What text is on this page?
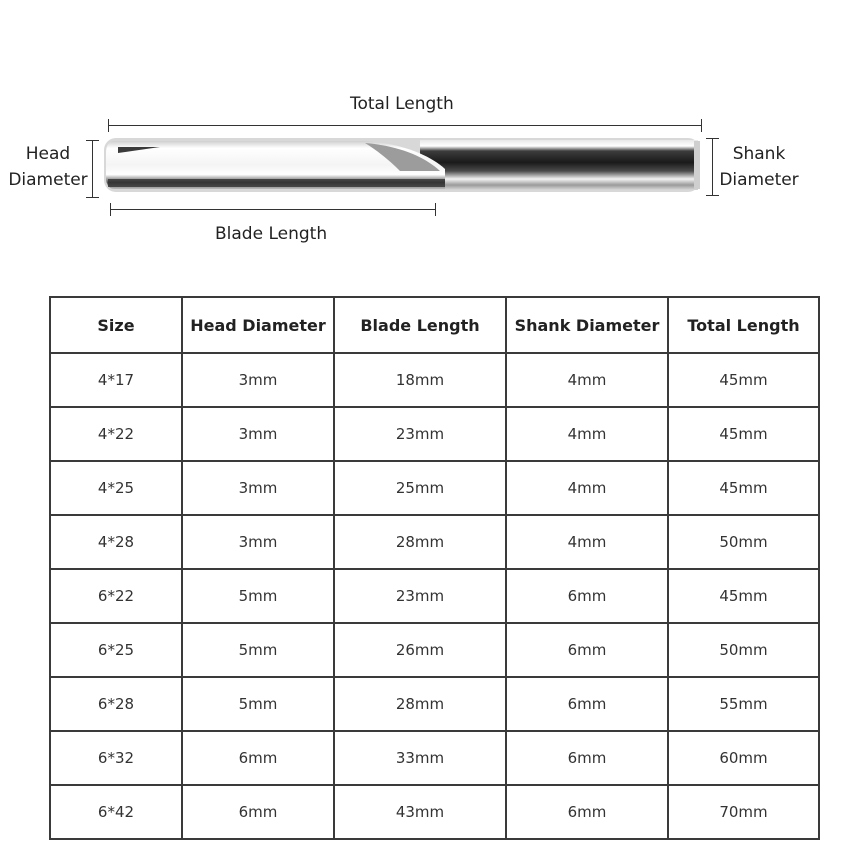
Total Length
Head
Diameter
Shank
Diameter
Blade Length
Size	Head Diameter	Blade Length	Shank Diameter	Total Length
4*17	3mm	18mm	4mm	45mm
4*22	3mm	23mm	4mm	45mm
4*25	3mm	25mm	4mm	45mm
4*28	3mm	28mm	4mm	50mm
6*22	5mm	23mm	6mm	45mm
6*25	5mm	26mm	6mm	50mm
6*28	5mm	28mm	6mm	55mm
6*32	6mm	33mm	6mm	60mm
6*42	6mm	43mm	6mm	70mm
